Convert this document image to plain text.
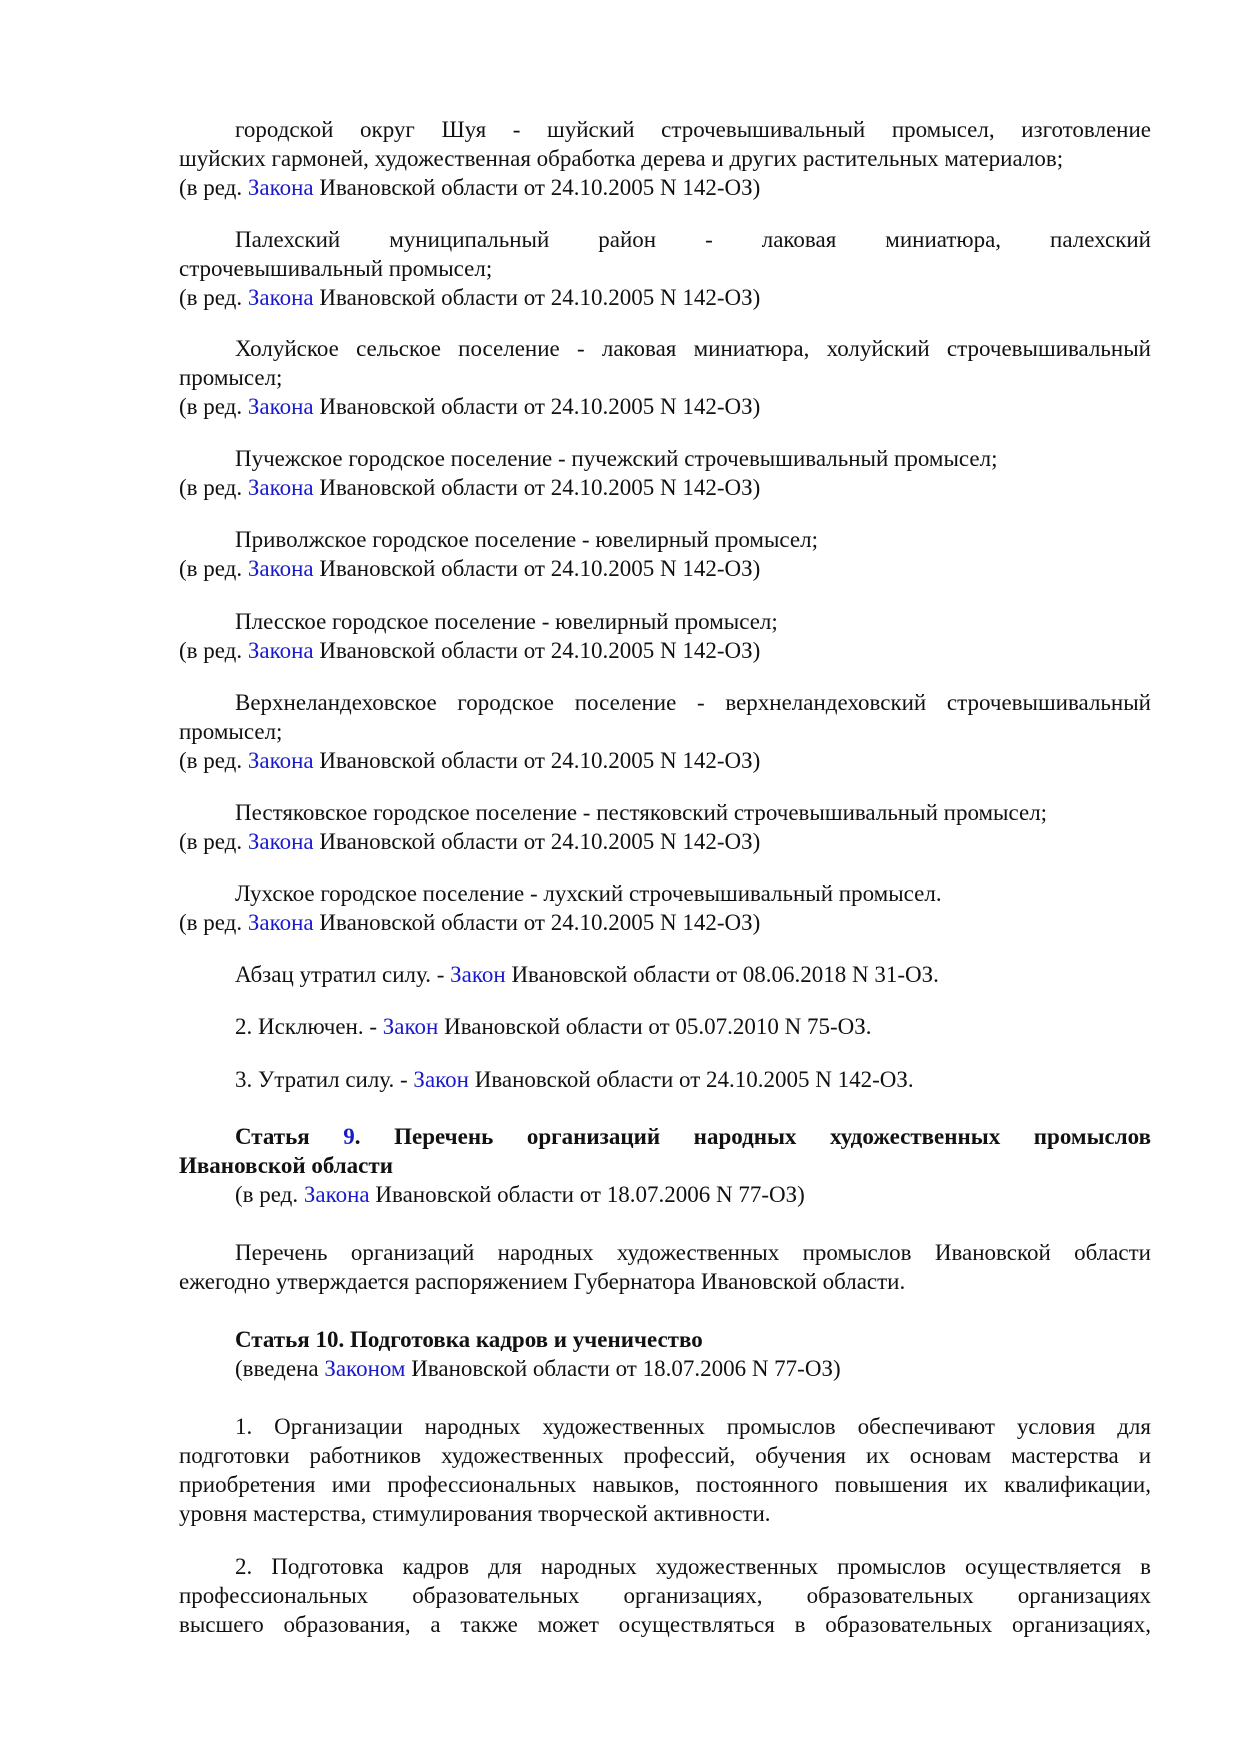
городской округ Шуя - шуйский строчевышивальный промысел, изготовление
шуйских гармоней, художественная обработка дерева и других растительных материалов;
(в ред. Закона Ивановской области от 24.10.2005 N 142-ОЗ)
Палехский муниципальный район - лаковая миниатюра, палехский
строчевышивальный промысел;
(в ред. Закона Ивановской области от 24.10.2005 N 142-ОЗ)
Холуйское сельское поселение - лаковая миниатюра, холуйский строчевышивальный
промысел;
(в ред. Закона Ивановской области от 24.10.2005 N 142-ОЗ)
Пучежское городское поселение - пучежский строчевышивальный промысел;
(в ред. Закона Ивановской области от 24.10.2005 N 142-ОЗ)
Приволжское городское поселение - ювелирный промысел;
(в ред. Закона Ивановской области от 24.10.2005 N 142-ОЗ)
Плесское городское поселение - ювелирный промысел;
(в ред. Закона Ивановской области от 24.10.2005 N 142-ОЗ)
Верхнеландеховское городское поселение - верхнеландеховский строчевышивальный
промысел;
(в ред. Закона Ивановской области от 24.10.2005 N 142-ОЗ)
Пестяковское городское поселение - пестяковский строчевышивальный промысел;
(в ред. Закона Ивановской области от 24.10.2005 N 142-ОЗ)
Лухское городское поселение - лухский строчевышивальный промысел.
(в ред. Закона Ивановской области от 24.10.2005 N 142-ОЗ)
Абзац утратил силу. - Закон Ивановской области от 08.06.2018 N 31-ОЗ.
2. Исключен. - Закон Ивановской области от 05.07.2010 N 75-ОЗ.
3. Утратил силу. - Закон Ивановской области от 24.10.2005 N 142-ОЗ.
Статья 9. Перечень организаций народных художественных промыслов
Ивановской области
(в ред. Закона Ивановской области от 18.07.2006 N 77-ОЗ)
Перечень организаций народных художественных промыслов Ивановской области
ежегодно утверждается распоряжением Губернатора Ивановской области.
Статья 10. Подготовка кадров и ученичество
(введена Законом Ивановской области от 18.07.2006 N 77-ОЗ)
1. Организации народных художественных промыслов обеспечивают условия для
подготовки работников художественных профессий, обучения их основам мастерства и
приобретения ими профессиональных навыков, постоянного повышения их квалификации,
уровня мастерства, стимулирования творческой активности.
2. Подготовка кадров для народных художественных промыслов осуществляется в
профессиональных образовательных организациях, образовательных организациях
высшего образования, а также может осуществляться в образовательных организациях,
